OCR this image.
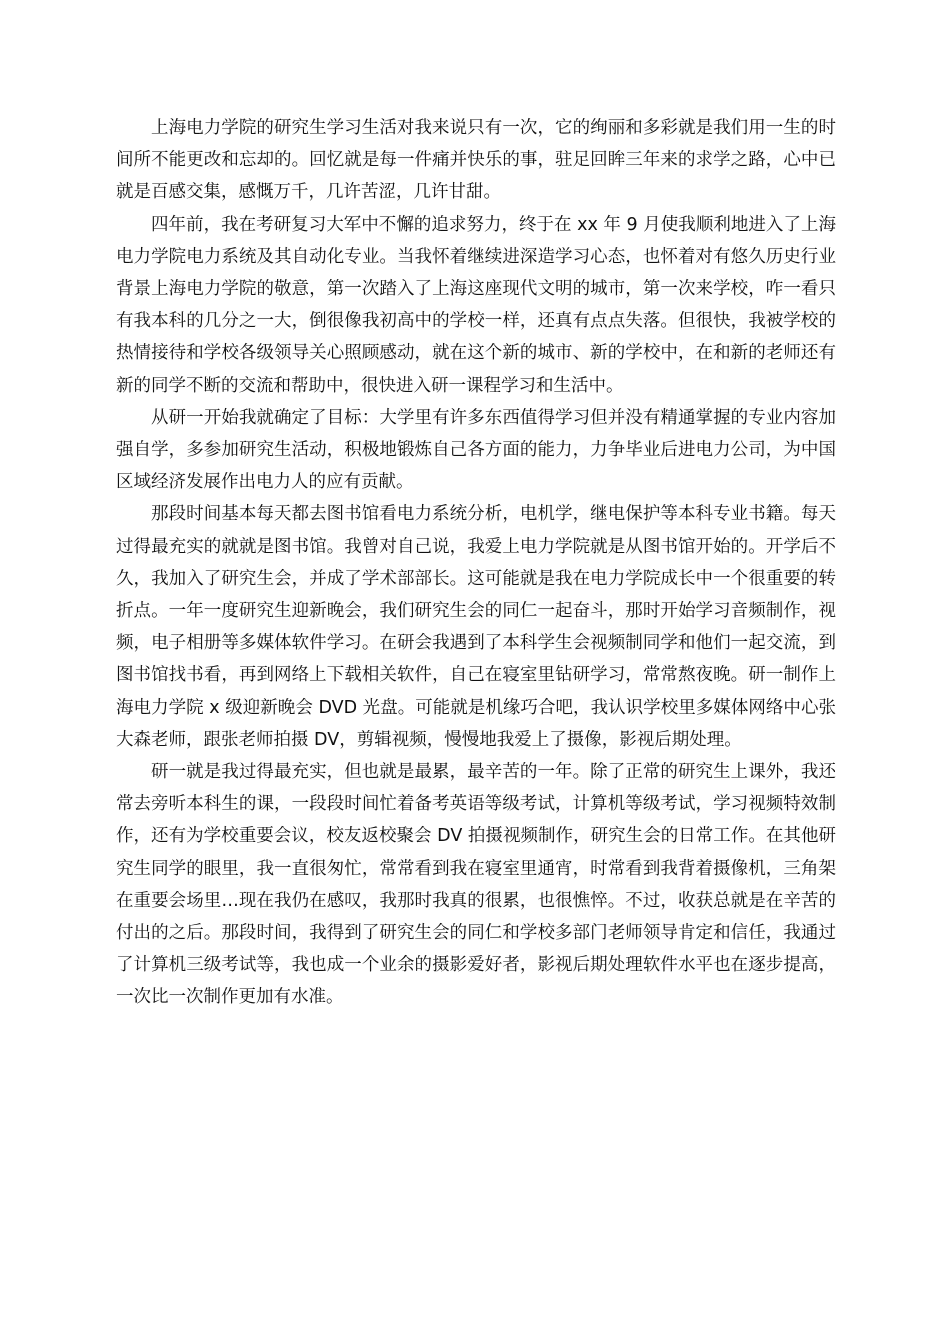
上海电力学院的研究生学习生活对我来说只有一次，它的绚丽和多彩就是我们用一生的时间所不能更改和忘却的。回忆就是每一件痛并快乐的事，驻足回眸三年来的求学之路，心中已就是百感交集，感慨万千，几许苦涩，几许甘甜。

四年前，我在考研复习大军中不懈的追求努力，终于在 xx 年 9 月使我顺利地进入了上海电力学院电力系统及其自动化专业。当我怀着继续进深造学习心态，也怀着对有悠久历史行业背景上海电力学院的敬意，第一次踏入了上海这座现代文明的城市，第一次来学校，咋一看只有我本科的几分之一大，倒很像我初高中的学校一样，还真有点点失落。但很快，我被学校的热情接待和学校各级领导关心照顾感动，就在这个新的城市、新的学校中，在和新的老师还有新的同学不断的交流和帮助中，很快进入研一课程学习和生活中。

从研一开始我就确定了目标：大学里有许多东西值得学习但并没有精通掌握的专业内容加强自学，多参加研究生活动，积极地锻炼自己各方面的能力，力争毕业后进电力公司，为中国区域经济发展作出电力人的应有贡献。

那段时间基本每天都去图书馆看电力系统分析，电机学，继电保护等本科专业书籍。每天过得最充实的就就是图书馆。我曾对自己说，我爱上电力学院就是从图书馆开始的。开学后不久，我加入了研究生会，并成了学术部部长。这可能就是我在电力学院成长中一个很重要的转折点。一年一度研究生迎新晚会，我们研究生会的同仁一起奋斗，那时开始学习音频制作，视频，电子相册等多媒体软件学习。在研会我遇到了本科学生会视频制同学和他们一起交流，到图书馆找书看，再到网络上下载相关软件，自己在寝室里钻研学习，常常熬夜晚。研一制作上海电力学院 x 级迎新晚会 DVD 光盘。可能就是机缘巧合吧，我认识学校里多媒体网络中心张大森老师，跟张老师拍摄 DV，剪辑视频，慢慢地我爱上了摄像，影视后期处理。

研一就是我过得最充实，但也就是最累，最辛苦的一年。除了正常的研究生上课外，我还常去旁听本科生的课，一段段时间忙着备考英语等级考试，计算机等级考试，学习视频特效制作，还有为学校重要会议，校友返校聚会 DV 拍摄视频制作，研究生会的日常工作。在其他研究生同学的眼里，我一直很匆忙，常常看到我在寝室里通宵，时常看到我背着摄像机，三角架在重要会场里…现在我仍在感叹，我那时我真的很累，也很憔悴。不过，收获总就是在辛苦的付出的之后。那段时间，我得到了研究生会的同仁和学校多部门老师领导肯定和信任，我通过了计算机三级考试等，我也成一个业余的摄影爱好者，影视后期处理软件水平也在逐步提高，一次比一次制作更加有水准。
